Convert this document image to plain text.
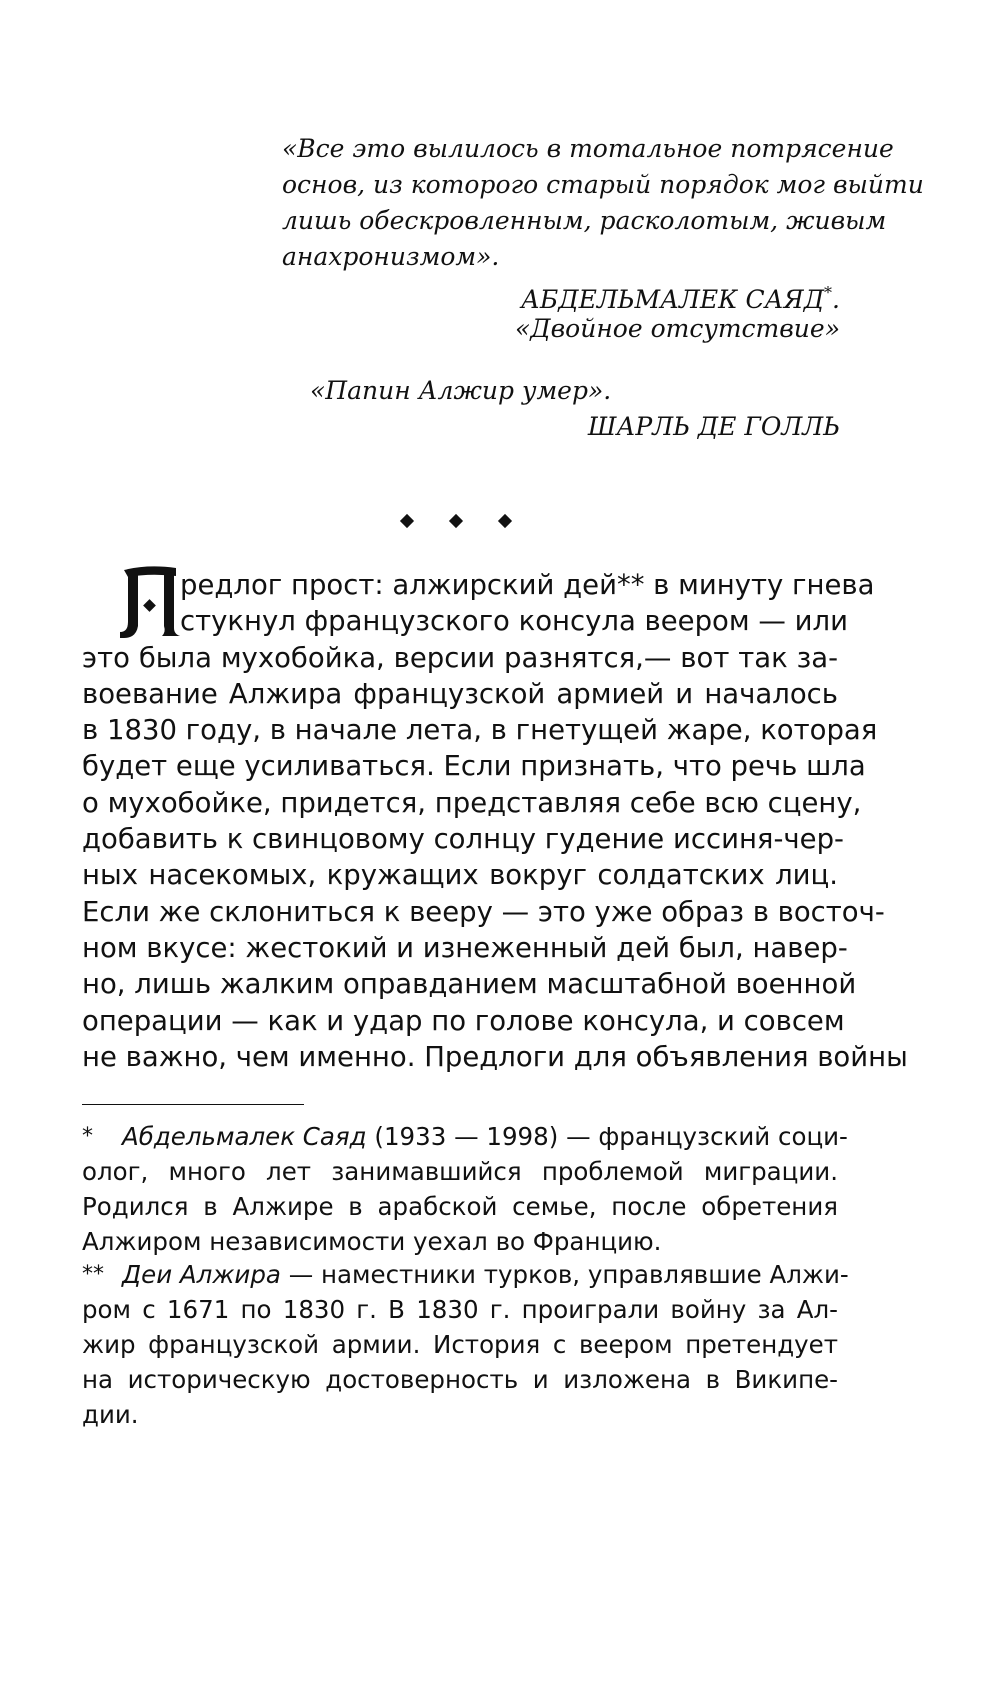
«Все это вылилось в тотальное потрясение
основ, из которого старый порядок мог выйти
лишь обескровленным, расколотым, живым
анахронизмом».
АБДЕЛЬМАЛЕК САЯД*.
«Двойное отсутствие»
«Папин Алжир умер».
ШАРЛЬ ДЕ ГОЛЛЬ
редлог прост: алжирский дей** в минуту гнева
стукнул французского консула веером — или
это была мухобойка, версии разнятся,— вот так за-
воевание Алжира французской армией и началось
в 1830 году, в начале лета, в гнетущей жаре, которая
будет еще усиливаться. Если признать, что речь шла
о мухобойке, придется, представляя себе всю сцену,
добавить к свинцовому солнцу гудение иссиня-чер-
ных насекомых, кружащих вокруг солдатских лиц.
Если же склониться к вееру — это уже образ в восточ-
ном вкусе: жестокий и изнеженный дей был, навер-
но, лишь жалким оправданием масштабной военной
операции — как и удар по голове консула, и совсем
не важно, чем именно. Предлоги для объявления войны
*	Абдельмалек Саяд (1933 — 1998) — французский соци-
олог, много лет занимавшийся проблемой миграции.
Родился в Алжире в арабской семье, после обретения
Алжиром независимости уехал во Францию.
** Деи Алжира — наместники турков, управлявшие Алжи-
ром с 1671 по 1830 г. В 1830 г. проиграли войну за Ал-
жир французской армии. История с веером претендует
на историческую достоверность и изложена в Википе-
дии.
